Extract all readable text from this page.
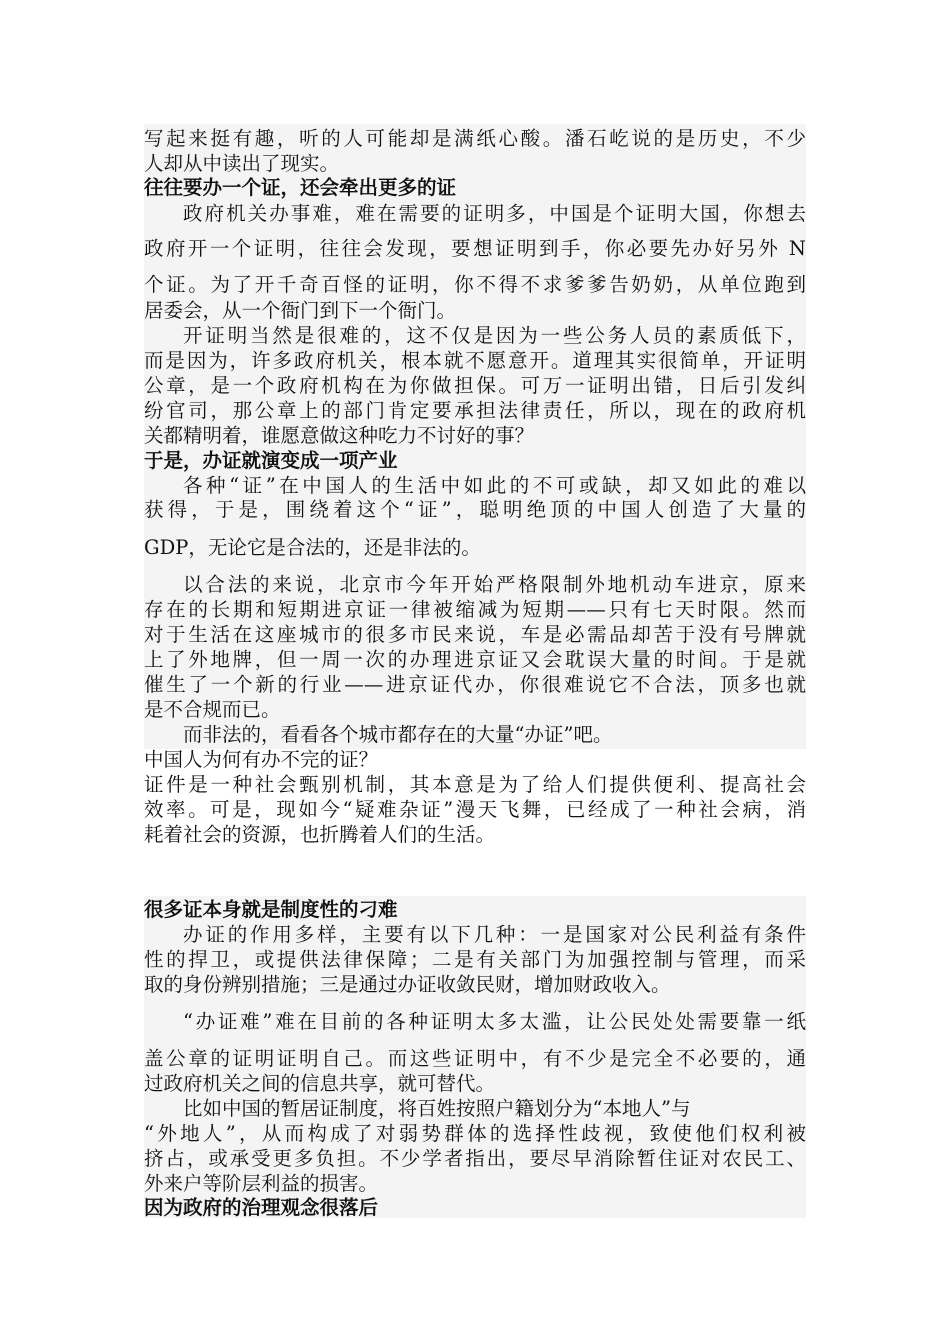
写起来挺有趣，听的人可能却是满纸心酸。潘石屹说的是历史，不少
人却从中读出了现实。
往往要办一个证，还会牵出更多的证
政府机关办事难，难在需要的证明多，中国是个证明大国，你想去
政府开一个证明，往往会发现，要想证明到手，你必要先办好另外 N
个证。为了开千奇百怪的证明，你不得不求爹爹告奶奶，从单位跑到
居委会，从一个衙门到下一个衙门。
开证明当然是很难的，这不仅是因为一些公务人员的素质低下，
而是因为，许多政府机关，根本就不愿意开。道理其实很简单，开证明
公章，是一个政府机构在为你做担保。可万一证明出错，日后引发纠
纷官司，那公章上的部门肯定要承担法律责任，所以，现在的政府机
关都精明着，谁愿意做这种吃力不讨好的事？
于是，办证就演变成一项产业
各种“证”在中国人的生活中如此的不可或缺，却又如此的难以
获得，于是，围绕着这个“证”，聪明绝顶的中国人创造了大量的
GDP，无论它是合法的，还是非法的。
以合法的来说，北京市今年开始严格限制外地机动车进京，原来
存在的长期和短期进京证一律被缩减为短期——只有七天时限。然而
对于生活在这座城市的很多市民来说，车是必需品却苦于没有号牌就
上了外地牌，但一周一次的办理进京证又会耽误大量的时间。于是就
催生了一个新的行业——进京证代办，你很难说它不合法，顶多也就
是不合规而已。
而非法的，看看各个城市都存在的大量“办证”吧。
中国人为何有办不完的证？
证件是一种社会甄别机制，其本意是为了给人们提供便利、提高社会
效率。可是，现如今“疑难杂证”漫天飞舞，已经成了一种社会病，消
耗着社会的资源，也折腾着人们的生活。
很多证本身就是制度性的刁难
办证的作用多样，主要有以下几种：一是国家对公民利益有条件
性的捍卫，或提供法律保障；二是有关部门为加强控制与管理，而采
取的身份辨别措施；三是通过办证收敛民财，增加财政收入。
“办证难”难在目前的各种证明太多太滥，让公民处处需要靠一纸
盖公章的证明证明自己。而这些证明中，有不少是完全不必要的，通
过政府机关之间的信息共享，就可替代。
比如中国的暂居证制度，将百姓按照户籍划分为“本地人”与
“外地人”，从而构成了对弱势群体的选择性歧视，致使他们权利被
挤占，或承受更多负担。不少学者指出，要尽早消除暂住证对农民工、
外来户等阶层利益的损害。
因为政府的治理观念很落后
